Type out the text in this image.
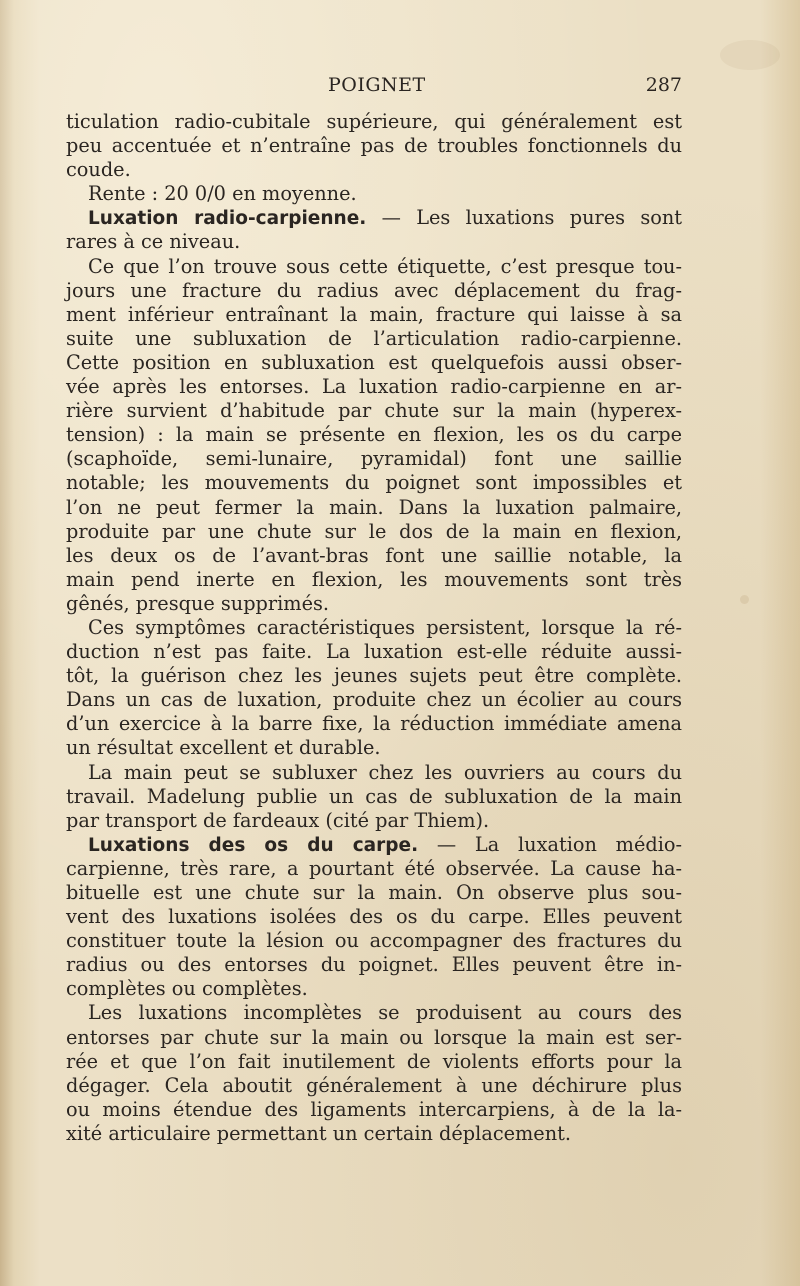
POIGNET	287
ticulation radio-cubitale supérieure, qui généralement est
peu accentuée et n’entraîne pas de troubles fonctionnels du
coude.
Rente : 20 0/0 en moyenne.
Luxation radio-carpienne. — Les luxations pures sont
rares à ce niveau.
Ce que l’on trouve sous cette étiquette, c’est presque tou-
jours une fracture du radius avec déplacement du frag-
ment inférieur entraînant la main, fracture qui laisse à sa
suite une subluxation de l’articulation radio-carpienne.
Cette position en subluxation est quelquefois aussi obser-
vée après les entorses. La luxation radio-carpienne en ar-
rière survient d’habitude par chute sur la main (hyperex-
tension) : la main se présente en flexion, les os du carpe
(scaphoïde, semi-lunaire, pyramidal) font une saillie
notable; les mouvements du poignet sont impossibles et
l’on ne peut fermer la main. Dans la luxation palmaire,
produite par une chute sur le dos de la main en flexion,
les deux os de l’avant-bras font une saillie notable, la
main pend inerte en flexion, les mouvements sont très
gênés, presque supprimés.
Ces symptômes caractéristiques persistent, lorsque la ré-
duction n’est pas faite. La luxation est-elle réduite aussi-
tôt, la guérison chez les jeunes sujets peut être complète.
Dans un cas de luxation, produite chez un écolier au cours
d’un exercice à la barre fixe, la réduction immédiate amena
un résultat excellent et durable.
La main peut se subluxer chez les ouvriers au cours du
travail. Madelung publie un cas de subluxation de la main
par transport de fardeaux (cité par Thiem).
Luxations des os du carpe. — La luxation médio-
carpienne, très rare, a pourtant été observée. La cause ha-
bituelle est une chute sur la main. On observe plus sou-
vent des luxations isolées des os du carpe. Elles peuvent
constituer toute la lésion ou accompagner des fractures du
radius ou des entorses du poignet. Elles peuvent être in-
complètes ou complètes.
Les luxations incomplètes se produisent au cours des
entorses par chute sur la main ou lorsque la main est ser-
rée et que l’on fait inutilement de violents efforts pour la
dégager. Cela aboutit généralement à une déchirure plus
ou moins étendue des ligaments intercarpiens, à de la la-
xité articulaire permettant un certain déplacement.
